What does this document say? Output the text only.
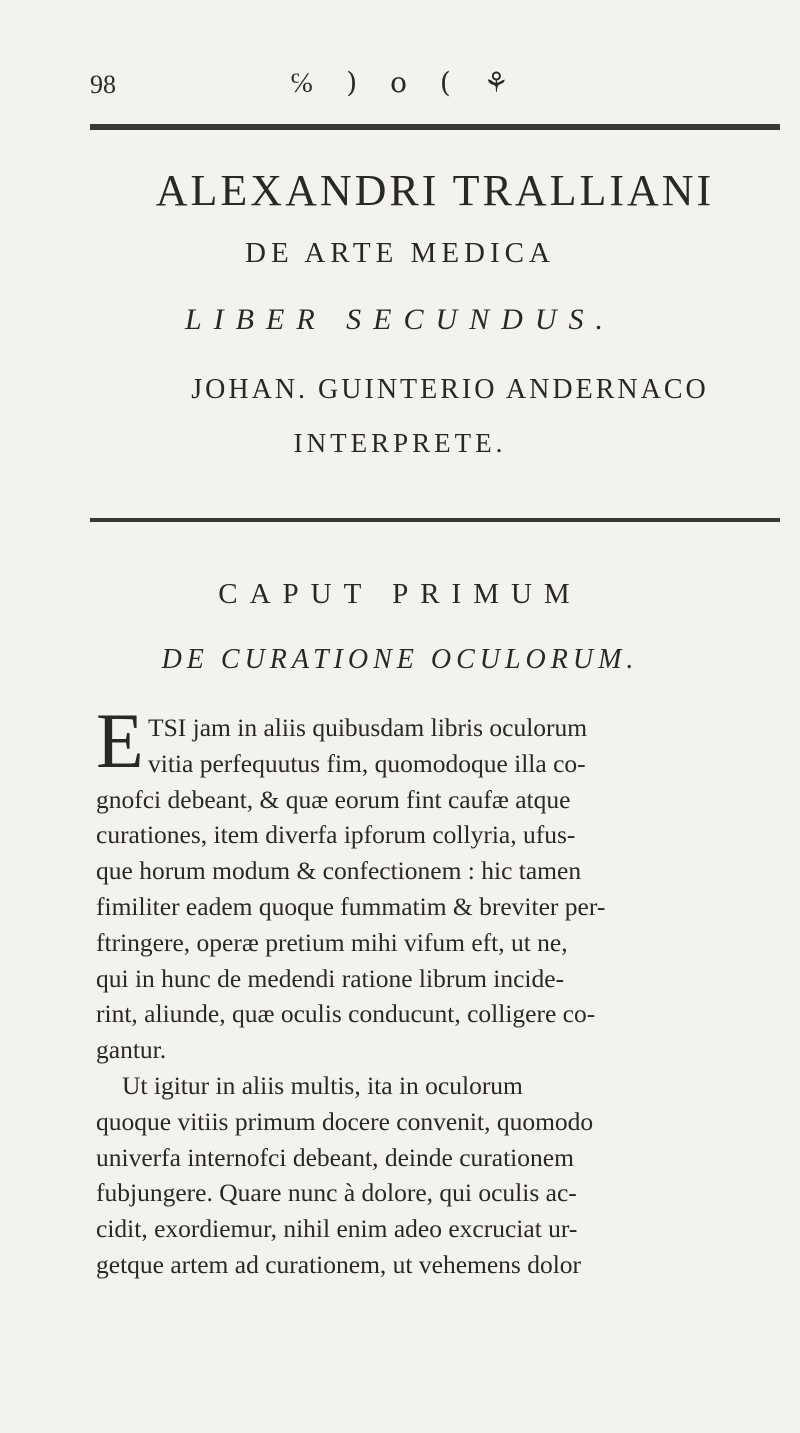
98	℅ ) o ( ⚘
ALEXANDRI TRALLIANI
DE ARTE MEDICA
LIBER SECUNDUS.
JOHAN. GUINTERIO ANDERNACO
INTERPRETE.
CAPUT PRIMUM
DE CURATIONE OCULORUM.
E TSI jam in aliis quibusdam libris oculorum
vitia perfequutus fim, quomodoque illa co-
gnofci debeant, & quæ eorum fint caufæ atque
curationes, item diverfa ipforum collyria, ufus-
que horum modum & confectionem : hic tamen
fimiliter eadem quoque fummatim & breviter per-
ftringere, operæ pretium mihi vifum eft, ut ne,
qui in hunc de medendi ratione librum incide-
rint, aliunde, quæ oculis conducunt, colligere co-
gantur.
Ut igitur in aliis multis, ita in oculorum
quoque vitiis primum docere convenit, quomodo
univerfa internofci debeant, deinde curationem
fubjungere. Quare nunc à dolore, qui oculis ac-
cidit, exordiemur, nihil enim adeo excruciat ur-
getque artem ad curationem, ut vehemens dolor
